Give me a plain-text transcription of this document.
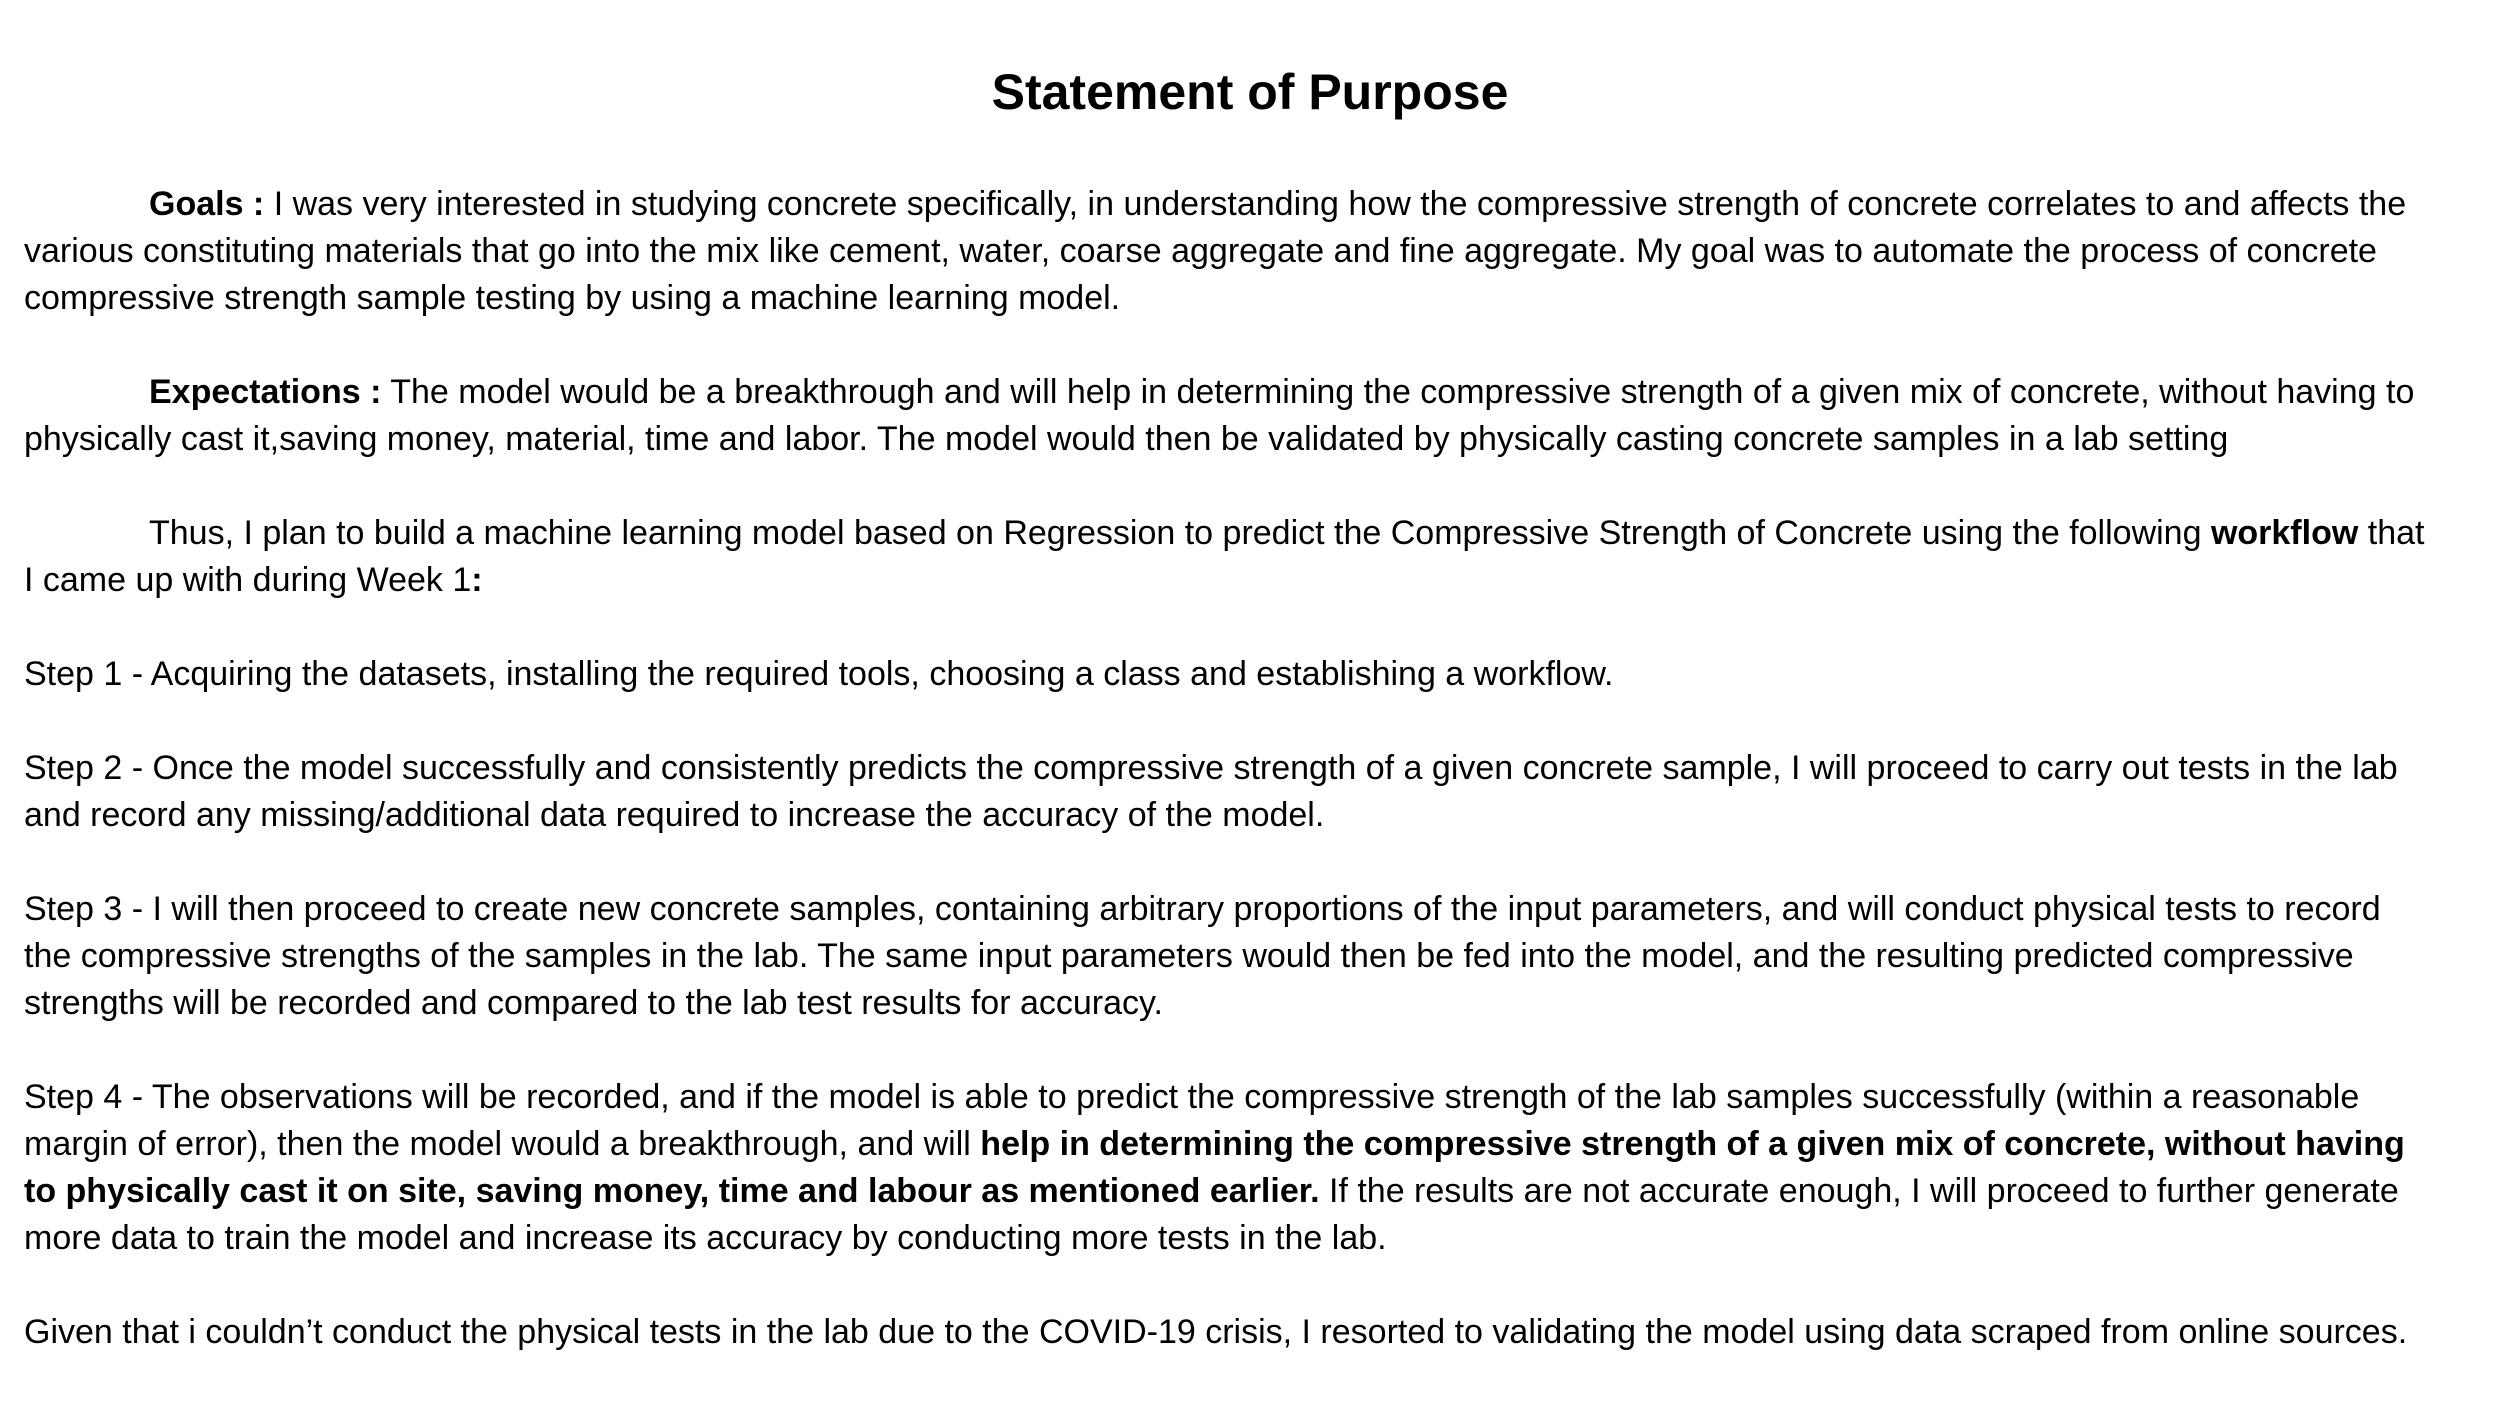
Statement of Purpose

Goals : I was very interested in studying concrete specifically, in understanding how the compressive strength of concrete correlates to and affects the
various constituting materials that go into the mix like cement, water, coarse aggregate and fine aggregate. My goal was to automate the process of concrete
compressive strength sample testing by using a machine learning model.

Expectations : The model would be a breakthrough and will help in determining the compressive strength of a given mix of concrete, without having to
physically cast it,saving money, material, time and labor. The model would then be validated by physically casting concrete samples in a lab setting

Thus, I plan to build a machine learning model based on Regression to predict the Compressive Strength of Concrete using the following workflow that
I came up with during Week 1:

Step 1 - Acquiring the datasets, installing the required tools, choosing a class and establishing a workflow.

Step 2 - Once the model successfully and consistently predicts the compressive strength of a given concrete sample, I will proceed to carry out tests in the lab
and record any missing/additional data required to increase the accuracy of the model.

Step 3 - I will then proceed to create new concrete samples, containing arbitrary proportions of the input parameters, and will conduct physical tests to record
the compressive strengths of the samples in the lab. The same input parameters would then be fed into the model, and the resulting predicted compressive
strengths will be recorded and compared to the lab test results for accuracy.

Step 4 - The observations will be recorded, and if the model is able to predict the compressive strength of the lab samples successfully (within a reasonable
margin of error), then the model would a breakthrough, and will help in determining the compressive strength of a given mix of concrete, without having
to physically cast it on site, saving money, time and labour as mentioned earlier. If the results are not accurate enough, I will proceed to further generate
more data to train the model and increase its accuracy by conducting more tests in the lab.

Given that i couldn’t conduct the physical tests in the lab due to the COVID-19 crisis, I resorted to validating the model using data scraped from online sources.
